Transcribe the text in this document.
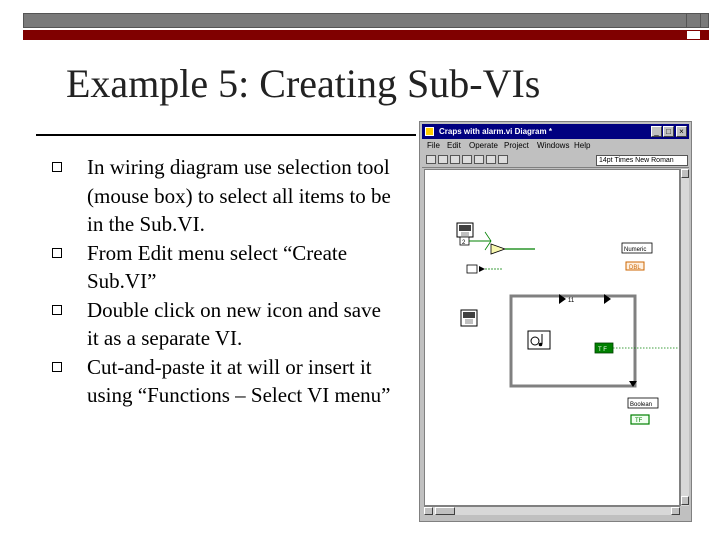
Example 5: Creating Sub-VIs
In wiring diagram use selection tool (mouse box) to select all items to be in the Sub.VI.
From Edit menu select “Create Sub.VI”
Double click on new icon and save it as a separate VI.
Cut-and-paste it at will or insert it using “Functions – Select VI menu”
Craps with alarm.vi Diagram *	_ □	×
File Edit Operate Project Windows Help
14pt Times New Roman
2
Numeric
DBL
11
T F
Boolean
TF
